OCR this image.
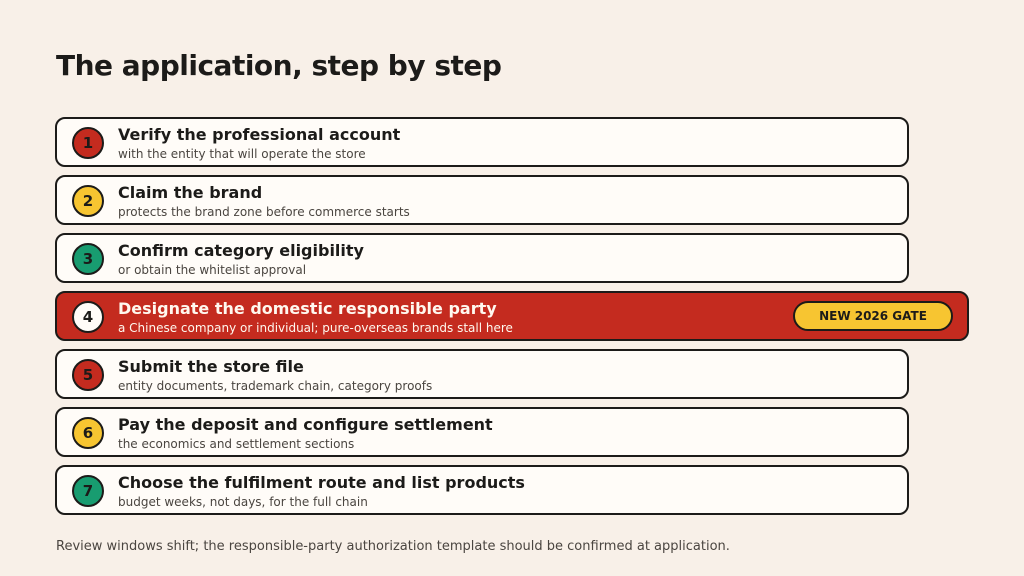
The application, step by step
1	Verify the professional account
with the entity that will operate the store
2	Claim the brand
protects the brand zone before commerce starts
3	Confirm category eligibility
or obtain the whitelist approval
4	Designate the domestic responsible party
a Chinese company or individual; pure-overseas brands stall here
NEW 2026 GATE
5	Submit the store file
entity documents, trademark chain, category proofs
6	Pay the deposit and configure settlement
the economics and settlement sections
7	Choose the fulfilment route and list products
budget weeks, not days, for the full chain

Review windows shift; the responsible-party authorization template should be confirmed at application.
